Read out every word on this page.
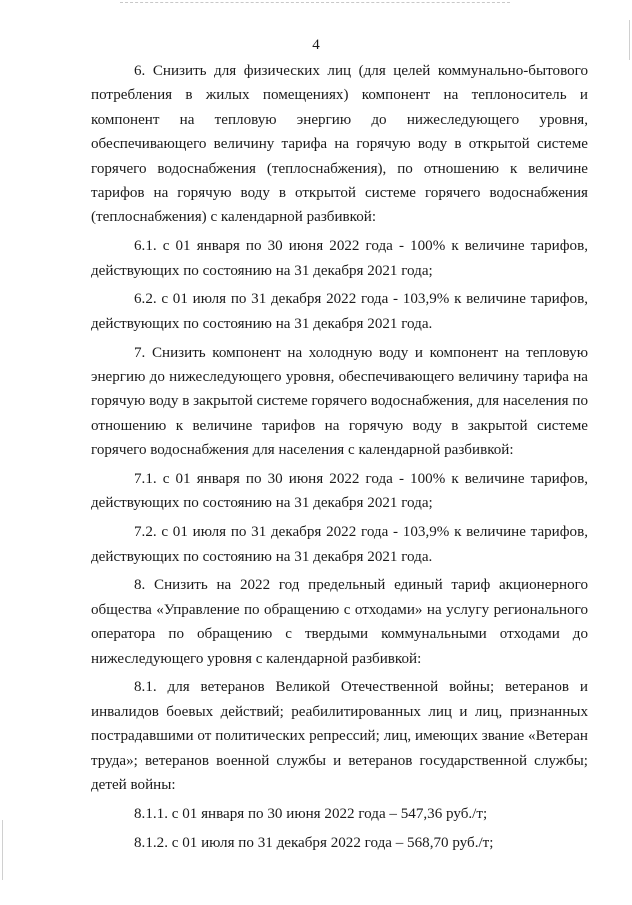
4

6. Снизить для физических лиц (для целей коммунально-бытового потребления в жилых помещениях) компонент на теплоноситель и компонент на тепловую энергию до нижеследующего уровня, обеспечивающего величину тарифа на горячую воду в открытой системе горячего водоснабжения (теплоснабжения), по отношению к величине тарифов на горячую воду в открытой системе горячего водоснабжения (теплоснабжения) с календарной разбивкой:

6.1. с 01 января по 30 июня 2022 года - 100% к величине тарифов, действующих по состоянию на 31 декабря 2021 года;

6.2. с 01 июля по 31 декабря 2022 года - 103,9% к величине тарифов, действующих по состоянию на 31 декабря 2021 года.

7. Снизить компонент на холодную воду и компонент на тепловую энергию до нижеследующего уровня, обеспечивающего величину тарифа на горячую воду в закрытой системе горячего водоснабжения, для населения по отношению к величине тарифов на горячую воду в закрытой системе горячего водоснабжения для населения с календарной разбивкой:

7.1. с 01 января по 30 июня 2022 года - 100% к величине тарифов, действующих по состоянию на 31 декабря 2021 года;

7.2. с 01 июля по 31 декабря 2022 года - 103,9% к величине тарифов, действующих по состоянию на 31 декабря 2021 года.

8. Снизить на 2022 год предельный единый тариф акционерного общества «Управление по обращению с отходами» на услугу регионального оператора по обращению с твердыми коммунальными отходами до нижеследующего уровня с календарной разбивкой:

8.1. для ветеранов Великой Отечественной войны; ветеранов и инвалидов боевых действий; реабилитированных лиц и лиц, признанных пострадавшими от политических репрессий; лиц, имеющих звание «Ветеран труда»; ветеранов военной службы и ветеранов государственной службы; детей войны:

8.1.1. с 01 января по 30 июня 2022 года – 547,36 руб./т;

8.1.2. с 01 июля по 31 декабря 2022 года – 568,70 руб./т;
